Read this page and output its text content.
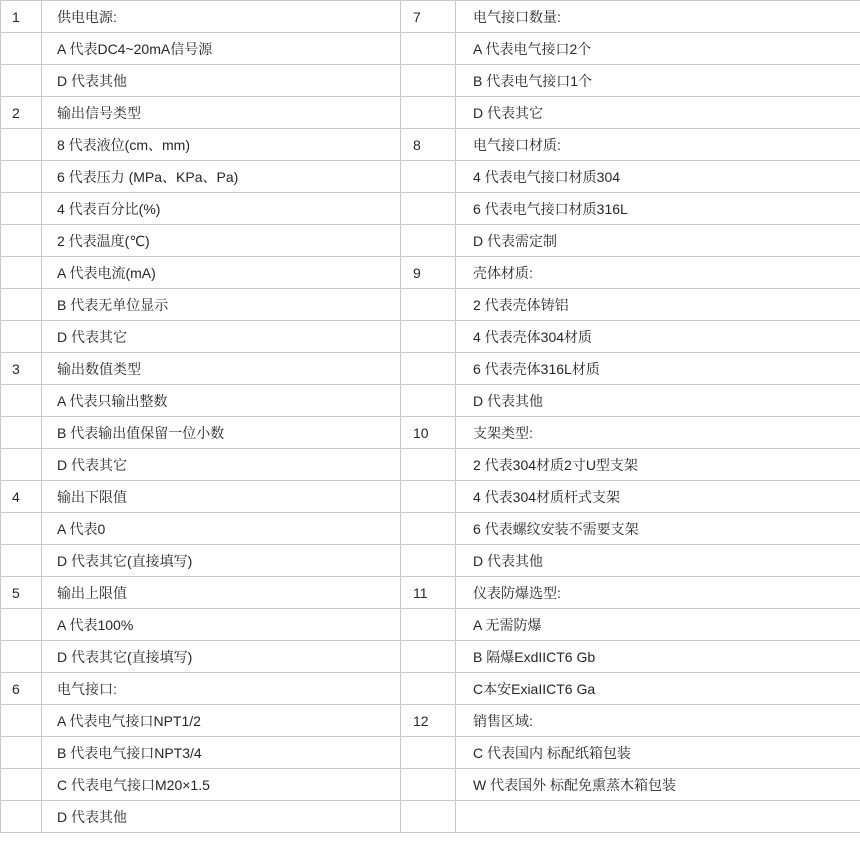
1	供电电源:	7	电气接口数量:
	A 代表DC4~20mA信号源		A 代表电气接口2个
	D 代表其他		B 代表电气接口1个
2	输出信号类型		D 代表其它
	8 代表液位(cm、mm)	8	电气接口材质:
	6 代表压力 (MPa、KPa、Pa)		4 代表电气接口材质304
	4 代表百分比(%)		6 代表电气接口材质316L
	2 代表温度(℃)		D 代表需定制
	A 代表电流(mA)	9	壳体材质:
	B 代表无单位显示		2 代表壳体铸铝
	D 代表其它		4 代表壳体304材质
3	输出数值类型		6 代表壳体316L材质
	A 代表只输出整数		D 代表其他
	B 代表输出值保留一位小数	10	支架类型:
	D 代表其它		2 代表304材质2寸U型支架
4	输出下限值		4 代表304材质杆式支架
	A 代表0		6 代表螺纹安装不需要支架
	D 代表其它(直接填写)		D 代表其他
5	输出上限值	11	仪表防爆选型:
	A 代表100%		A 无需防爆
	D 代表其它(直接填写)		B 隔爆ExdIICT6 Gb
6	电气接口:		C本安ExiaIICT6 Ga
	A 代表电气接口NPT1/2	12	销售区域:
	B 代表电气接口NPT3/4		C 代表国内 标配纸箱包装
	C 代表电气接口M20×1.5		W 代表国外 标配免熏蒸木箱包装
	D 代表其他		
